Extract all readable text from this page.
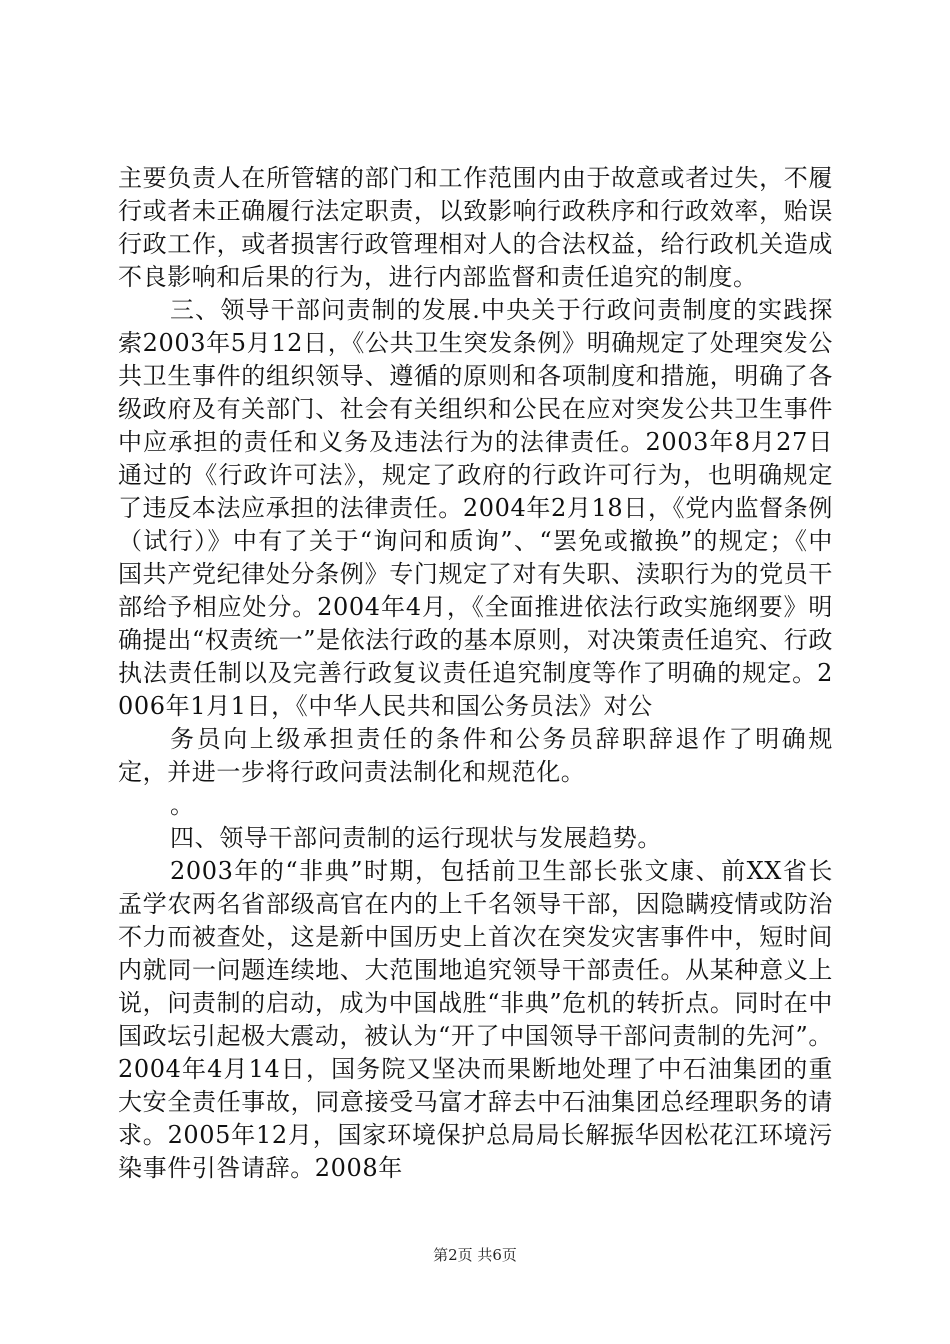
主要负责人在所管辖的部门和工作范围内由于故意或者过失，不履行或者未正确履行法定职责，以致影响行政秩序和行政效率，贻误行政工作，或者损害行政管理相对人的合法权益，给行政机关造成不良影响和后果的行为，进行内部监督和责任追究的制度。

三、领导干部问责制的发展.中央关于行政问责制度的实践探索2003年5月12日，《公共卫生突发条例》明确规定了处理突发公共卫生事件的组织领导、遵循的原则和各项制度和措施，明确了各级政府及有关部门、社会有关组织和公民在应对突发公共卫生事件中应承担的责任和义务及违法行为的法律责任。2003年8月27日通过的《行政许可法》，规定了政府的行政许可行为，也明确规定了违反本法应承担的法律责任。2004年2月18日，《党内监督条例（试行）》中有了关于“询问和质询”、“罢免或撤换”的规定；《中国共产党纪律处分条例》专门规定了对有失职、渎职行为的党员干部给予相应处分。2004年4月，《全面推进依法行政实施纲要》明确提出“权责统一”是依法行政的基本原则，对决策责任追究、行政执法责任制以及完善行政复议责任追究制度等作了明确的规定。2006年1月1日，《中华人民共和国公务员法》对公

务员向上级承担责任的条件和公务员辞职辞退作了明确规定，并进一步将行政问责法制化和规范化。

。

四、领导干部问责制的运行现状与发展趋势。

2003年的“非典”时期，包括前卫生部长张文康、前XX省长孟学农两名省部级高官在内的上千名领导干部，因隐瞒疫情或防治不力而被查处，这是新中国历史上首次在突发灾害事件中，短时间内就同一问题连续地、大范围地追究领导干部责任。从某种意义上说，问责制的启动，成为中国战胜“非典”危机的转折点。同时在中国政坛引起极大震动，被认为“开了中国领导干部问责制的先河”。2004年4月14日，国务院又坚决而果断地处理了中石油集团的重大安全责任事故，同意接受马富才辞去中石油集团总经理职务的请求。2005年12月，国家环境保护总局局长解振华因松花江环境污染事件引咎请辞。2008年

第2页 共6页
